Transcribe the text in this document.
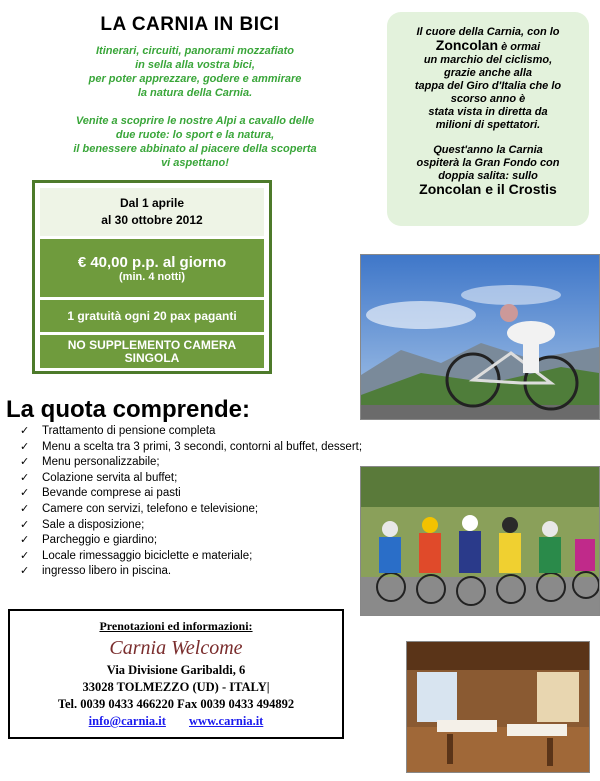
LA CARNIA IN BICI

Itinerari, circuiti, panorami mozzafiato
in sella alla vostra bici,
per poter apprezzare, godere e ammirare
la natura della Carnia.

Venite a scoprire le nostre Alpi a cavallo delle
due ruote: lo sport e la natura,
il benessere abbinato al piacere della scoperta
vi aspettano!

Il cuore della Carnia, con lo
Zoncolan è ormai
un marchio del ciclismo,
grazie anche alla
tappa del Giro d'Italia che lo
scorso anno è
stata vista in diretta da
milioni di spettatori.

Quest'anno la Carnia
ospiterà la Gran Fondo con
doppia salita: sullo
Zoncolan e il Crostis

Dal 1 aprile
al 30 ottobre 2012
€ 40,00 p.p. al giorno
(min. 4 notti)
1 gratuità ogni 20 pax paganti
NO SUPPLEMENTO CAMERA
SINGOLA
La quota comprende:
✓	Trattamento di pensione completa
✓	Menu a scelta tra 3 primi, 3 secondi, contorni al buffet, dessert;
✓	Menu personalizzabile;
✓	Colazione servita al buffet;
✓	Bevande comprese ai pasti
✓	Camere con servizi, telefono e televisione;
✓	Sale a disposizione;
✓	Parcheggio e giardino;
✓	Locale rimessaggio biciclette e materiale;
✓	ingresso libero in piscina.
Prenotazioni ed informazioni:
Carnia Welcome
Via Divisione Garibaldi, 6
33028 TOLMEZZO (UD) - ITALY|
Tel. 0039 0433 466220 Fax 0039 0433 494892
info@carnia.it www.carnia.it
